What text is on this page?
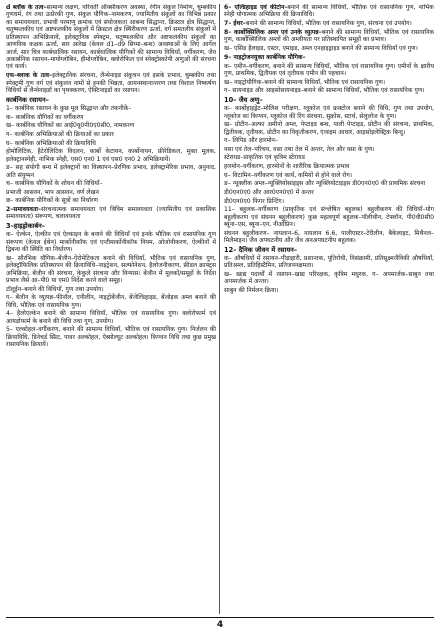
d ब्लॉक के तत्व–सामान्य लक्षण, परिवर्ती ऑक्सीकरण अवस्था, रंगीन संकुल निर्माण, चुम्बकीय गुणधर्म, रंग तथा उत्प्रेरकी गुण, संकुल यौगिक–नामकरण, ज्यामितीय संकुलों का विभिन्न प्रकार का समावयवता, प्रभावी परमाणु क्रमांक एवं संयोजकता आबन्ध सिद्धान्त, क्रिस्टल क्षेत्र सिद्धान्त, चतुष्फलकीय एवं अष्टफलकीय संकुलों में क्रिस्टल क्षेत्र स्थिरीकरण ऊर्जा, वर्ग समतलीय संकुलों में प्रतिस्थापन अभिक्रियायें, इलेक्ट्रानिक स्पेक्ट्रम, चतुष्फलकीय और अष्टफलकीय संकुलों का आणविक कक्षक ऊर्जा, सार आरेख (केवल d1–d9 सिग्मा–बन्ध) अवस्थाओं के लिए आर्गेल आर्ज, सार चित्र कार्बधात्विक रसायन, कार्बधात्विक यौगिकों की सामान्य विधियाँ, वर्गीकरण, जैव अकार्बनिक रसायन–मायोग्लोबिन, हीमोग्लोबिन, क्लोरोफिल एवं स्पेक्ट्रोस्कोपी अणुओं की संरचना एवं कार्य।
एफ–ब्लाक के तत्व–इलेक्ट्रानिक संरचना, लैन्थेनाइड संकुचन एवं इसके प्रभाव, चुम्बकीय तथा स्पेक्ट्रमी गुण वर्ग एवं संकुलन नामों से इनकी भिन्नता, आयनस्थानान्तरण तथा विशाल निष्कर्षण विधियों से लैन्थेनाइडों का पृथक्करण, ऐक्टिनाइडों का रसायन।
कार्बनिक रसायन–
1– कार्बनिक रसायन के कुछ मूल सिद्धान्त और तकनीकें–
क– कार्बनिक यौगिकों का वर्गीकरण
ख– कार्बनिक यौगिकों का आई0यू0पी0ए0सी0, नामकरण
ग– कार्बनिक अभिक्रियाओं की क्रियाओं का प्रकार
घ– कार्बनिक अभिक्रियाओं की क्रियाविधि
होमोलिटिक, हैटेरोलिटिक विदलन, कार्बो केटायन, कार्बोनायन, फ्रीरेडिकल, मुक्त मूलक, इलेक्ट्रानस्नेही, नाभिक स्नेही, एस0 एन0 1 एवं एस0 एन0 2 अभिक्रियायें।
ङ– सह संयोगी बन्ध में इलेक्ट्रानों का विस्थापन–प्रेरणिक प्रभाव, इलेक्ट्रामेरिक प्रभाव, अनुनाद, अति संयुग्मन
च– कार्बनिक यौगिकों के शोधन की विधियाँ–
प्रभाजी आसवन, भाप आसवन, वर्ण लेखन
छ– कार्बनिक यौगिकों के सूत्रों का निर्धारण
2–समावयवता–संरचनात्मक समावयवता एवं त्रिविम समावयवता (ज्यामितीय एवं प्रकाशिक समावयवता) संरूपण, चलावयवता
3–हाइड्रोकार्बन–
क– ऐल्केन, ऐल्कीन एवं ऐल्काइन के बनाने की विधियाँ एवं इनके भौतिक एवं रासायनिक गुण संरूपण (केवल ईथेन) मार्कोनीकॉफ एवं एन्टीमार्कोनीकॉफ नियम, ओजोनीकरण, ऐल्कीनों में द्विबन्ध की स्थिति का निर्धारण।
ख– सौरभिक यौगिक–बेंजीन–ऐरोमेटिकता बनाने की विधियाँ, भौतिक एवं रासायनिक गुण, इलेक्ट्रॉफिलिक प्रतिस्थापन की क्रियाविधि–नाइट्रेशन, सल्फोनेशन, हैलोजनीकरण, फ्रीडल क्राफ्ट्स अभिक्रिया, बेंजीन की संरचना, केकुले संरचना और विन्यास। बेंजीन में मूलकों/समूहों के निर्देश प्रभाव जैसे आ–पी0 या एम0 निर्देश करने वाले समूह।
टॉलूईन–बनाने की विधियाँ, गुण तथा उपयोग।
ग– बेंजीन के व्युत्पन्न–फीनॉल, एनीलीन, नाइट्रोबेंजीन, बेंजेल्डिहाइड, बेंजोइक अम्ल बनाने की विधि, भौतिक एवं रासायनिक गुण।
4– हैलोएल्केन बनाने की सामान्य विधियाँ, भौतिक एवं रासायनिक गुण। क्लोरोफार्म एवं आयडोफार्म के बनाने की विधि तथा गुण, उपयोग।
5– एल्कोहल–वर्गीकरण, बनाने की सामान्य विधियाँ, भौतिक एवं रासायनिक गुण। निर्जलन की क्रियाविधि, डिनेचर्ड स्प्रिट, पावर अल्कोहल, ऐब्सोल्यूट अल्कोहल। किण्वन विधि तथा कुछ प्रमुख रासायनिक क्रियायें।
6– एल्डिहाइड एवं कीटोन–बनाने की सामान्य विधियाँ, भौतिक एवं रासायनिक गुण, नाभिक स्नेही योगात्मक अभिक्रिया की क्रियाविधि।
7– ईथर–बनाने की सामान्य विधियाँ, भौतिक एवं रासायनिक गुण, संरचना एवं उपयोग।
8– कार्बोक्सिलिक अम्ल एवं उनके व्युत्पन्न–बनाने की सामान्य विधियाँ, भौतिक एवं रासायनिक गुण, कार्बोक्सिलिक अम्लों की अम्लीयता पर प्रतिस्थापित समूहों का प्रभाव।
ख– एसिड हैलाइड, एस्टर, एमाइड, अम्ल एनहाइड्राइड बनाने की सामान्य विधियाँ एवं गुण।
9– नाइट्रोजनयुक्त कार्बनिक यौगिक–
क– एमीन–वर्गीकरण, बनाने की सामान्य विधियाँ, भौतिक एवं रासायनिक गुण। एमीनों के क्षारीय गुण, प्राथमिक, द्वितीयक एवं तृतीयक एमीन की पहचान।
ख– नाइट्रोयौगिक–बनाने की सामान्य विधियाँ, भौतिक एवं रासायनिक गुण।
ग– सायनाइड और आइसोसायनाइड–बनाने की सामान्य विधियाँ, भौतिक एवं रासायनिक गुण।
10– जैव अणु–
क– कार्बोहाइड्रेट–मोलिश परीक्षण, ग्लूकोज एवं फ्रक्टोज बनाने की विधि, गुण तथा उपयोग, ग्लूकोज का किण्वन, ग्लूकोज की रिंग संरचना, सुक्रोस, स्टार्च, सेलुलोज के गुण।
ख– प्रोटीन–अल्फा अमीनो अम्ल, पेप्टाइड बन्ध, पाली पेप्टाइड, प्रोटीन की संरचना, प्राथमिक, द्वितीयक, तृतीयक, प्रोटीन का विकृतीकरण, एंजाइम आधार, आइसोइलेक्ट्रिक बिन्दु।
ग– लिपिड और हारमोन–
वसा एवं तेल–परिचय, वसा तथा तेल में अन्तर, तेल और वसा के गुण।
स्टेरायड–प्राकृतिक एवं कृत्रिम स्टेरायड
हारमोन–वर्गीकरण, हारमोनों के शारीरिक क्रियात्मक प्रभाव
घ– विटामिन–वर्गीकरण एवं कार्य, कमियों से होने वाले रोग।
ङ– न्यूक्लीक अम्ल–न्यूक्लियोसाइड्स और न्यूक्लियोटाइड्स डी0एन0ए0 की प्राथमिक संरचना
डी0एन0ए0 और आर0एन0ए0 में अन्तर
डी0एन0ए0 फिंगर प्रिन्टिंग।
11– बहुलक–वर्गीकरण (प्राकृतिक एवं संश्लेषित बहुलक) बहुलीकरण की विधियाँ–योग बहुलीकरण एवं संघनन बहुलीकरण) कुछ महत्वपूर्ण बहुलक–पॉलीथीन, टेफ्लॉन, पी0वी0सी0 ब्यूना–एस, ब्यूना–एन, नीओप्रिन।
संघनन बहुलीकरण– नायलान–6, नायलान 6.6, पालीएस्टर–टेरीलीन, बैकेलाइट, मिथैनल–मिलैमाइन। जैव अपघटनीय और जैव अनअपघटनीय बहुलक।
12– दैनिक जीवन में रसायन–
क– औषधियों में रसायन–पीड़ाहारी, प्रशान्तक, पूतिरोधी, विसंक्रामी, प्रतिसूक्ष्मजैविकी औषधियाँ, प्रतिअम्ल, प्रतिहिस्टैमिन, प्रतिजननक्षमता।
ख– खाद्य पदार्थों में रसायन–खाद्य परिरक्षक, कृत्रिम मधुरक, ग– अपमार्जक–साबुन तथा अपमार्जक में अन्तर।
साबुन की निर्मलन क्रिया।
4
